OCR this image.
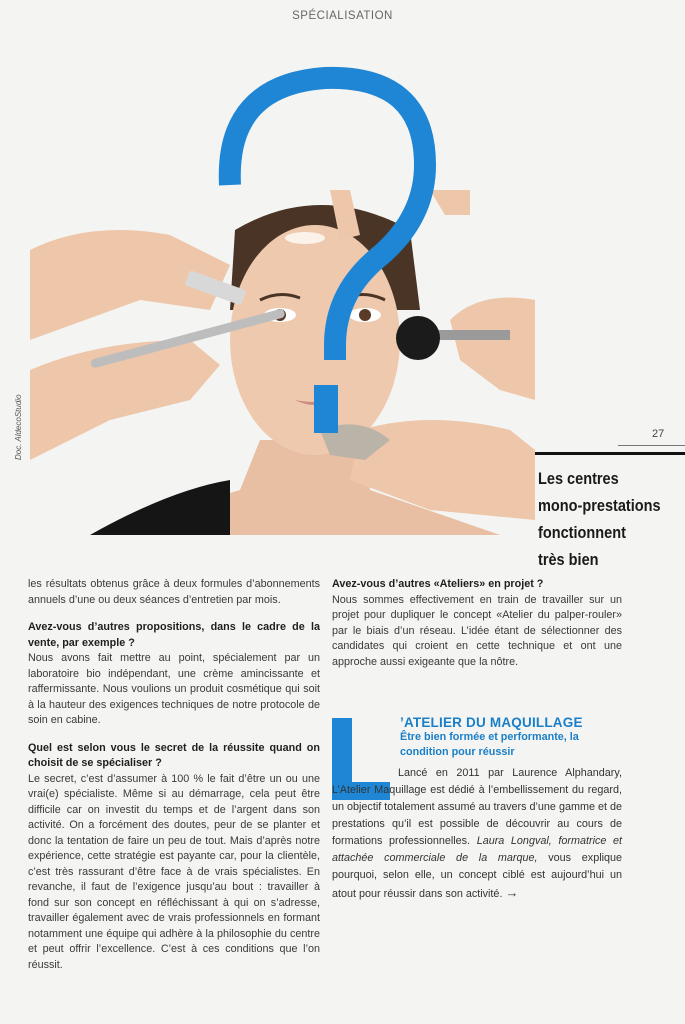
SPÉCIALISATION
Doc. AldecoStudio	27
Les centres
mono-prestations
fonctionnent
très bien

les résultats obtenus grâce à deux formules d’abonnements annuels d’une ou deux séances d’entretien par mois.

Avez-vous d’autres propositions, dans le cadre de la vente, par exemple ?

Nous avons fait mettre au point, spécialement par un laboratoire bio indépendant, une crème amincissante et raffermissante. Nous voulions un produit cosmétique qui soit à la hauteur des exigences techniques de notre protocole de soin en cabine.

Quel est selon vous le secret de la réussite quand on choisit de se spécialiser ?

Le secret, c’est d’assumer à 100 % le fait d’être un ou une vrai(e) spécialiste. Même si au démarrage, cela peut être difficile car on investit du temps et de l’argent dans son activité. On a forcément des doutes, peur de se planter et donc la tentation de faire un peu de tout. Mais d’après notre expérience, cette stratégie est payante car, pour la clientèle, c’est très rassurant d’être face à de vrais spécialistes. En revanche, il faut de l’exigence jusqu’au bout : travailler à fond sur son concept en réfléchissant à qui on s’adresse, travailler également avec de vrais professionnels en formant notamment une équipe qui adhère à la philosophie du centre et peut offrir l’excellence. C’est à ces conditions que l’on réussit.

Avez-vous d’autres «Ateliers» en projet ?

Nous sommes effectivement en train de travailler sur un projet pour dupliquer le concept «Atelier du palper-rouler» par le biais d’un réseau. L’idée étant de sélectionner des candidates qui croient en cette technique et ont une approche aussi exigeante que la nôtre.

’ATELIER DU MAQUILLAGE
Être bien formée et performante, la condition pour réussir

Lancé en 2011 par Laurence Alphandary, L’Atelier Maquillage est dédié à l’embellissement du regard, un objectif totalement assumé au travers d’une gamme et de prestations qu’il est possible de découvrir au cours de formations professionnelles. Laura Longval, formatrice et attachée commerciale de la marque, vous explique pourquoi, selon elle, un concept ciblé est aujourd’hui un atout pour réussir dans son activité. →
